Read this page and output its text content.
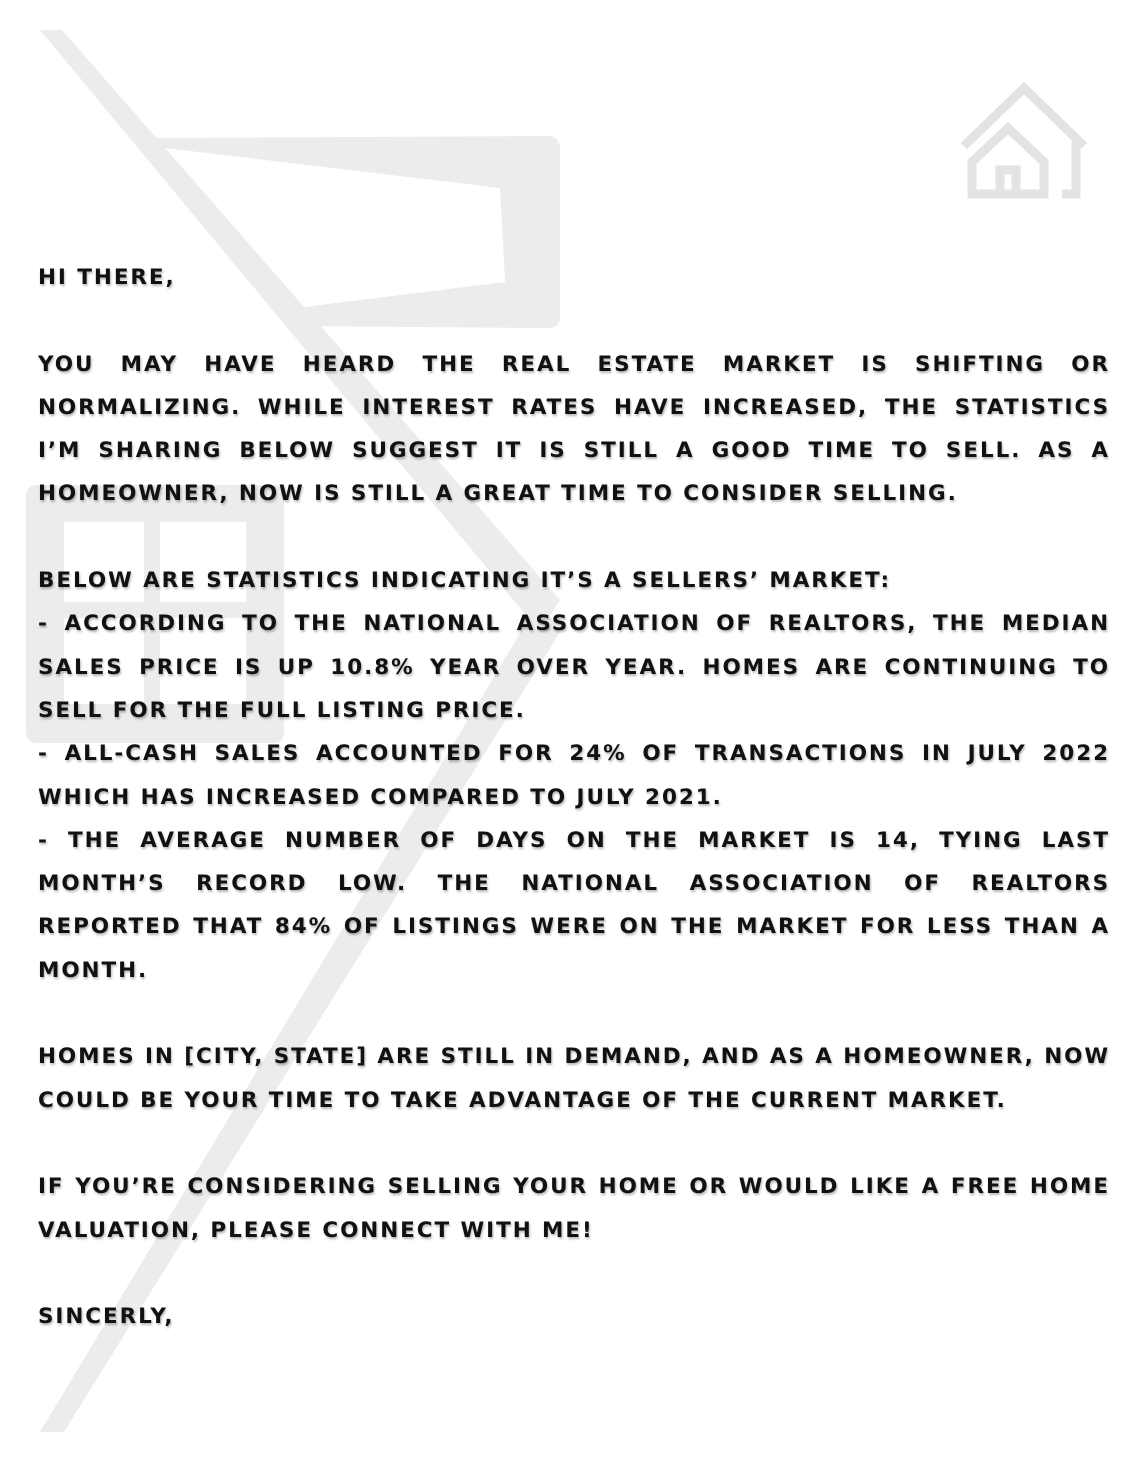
HI THERE,

YOU MAY HAVE HEARD THE REAL ESTATE MARKET IS SHIFTING OR NORMALIZING. WHILE INTEREST RATES HAVE INCREASED, THE STATISTICS I’M SHARING BELOW SUGGEST IT IS STILL A GOOD TIME TO SELL. AS A HOMEOWNER, NOW IS STILL A GREAT TIME TO CONSIDER SELLING.

BELOW ARE STATISTICS INDICATING IT’S A SELLERS’ MARKET:

- ACCORDING TO THE NATIONAL ASSOCIATION OF REALTORS, THE MEDIAN SALES PRICE IS UP 10.8% YEAR OVER YEAR. HOMES ARE CONTINUING TO SELL FOR THE FULL LISTING PRICE.

- ALL-CASH SALES ACCOUNTED FOR 24% OF TRANSACTIONS IN JULY 2022 WHICH HAS INCREASED COMPARED TO JULY 2021.

- THE AVERAGE NUMBER OF DAYS ON THE MARKET IS 14, TYING LAST MONTH’S RECORD LOW. THE NATIONAL ASSOCIATION OF REALTORS REPORTED THAT 84% OF LISTINGS WERE ON THE MARKET FOR LESS THAN A MONTH.

HOMES IN [CITY, STATE] ARE STILL IN DEMAND, AND AS A HOMEOWNER, NOW COULD BE YOUR TIME TO TAKE ADVANTAGE OF THE CURRENT MARKET.

IF YOU’RE CONSIDERING SELLING YOUR HOME OR WOULD LIKE A FREE HOME VALUATION, PLEASE CONNECT WITH ME!

SINCERLY,
